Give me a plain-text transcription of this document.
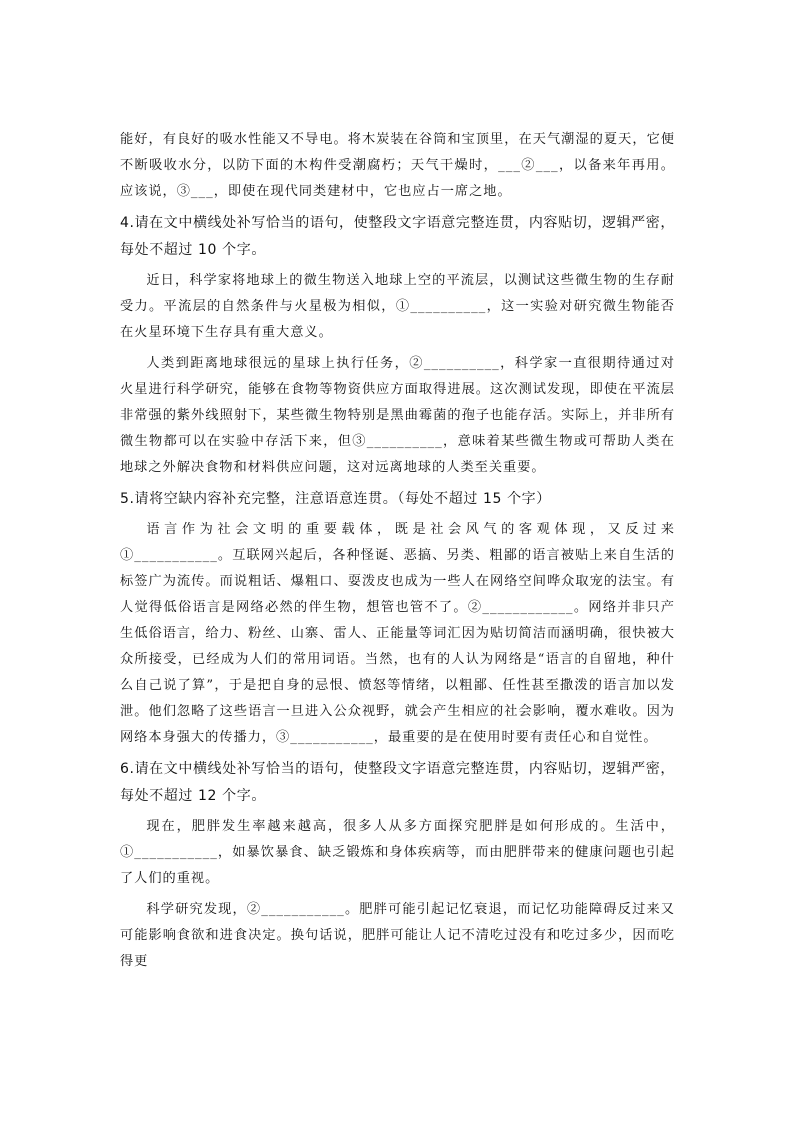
能好，有良好的吸水性能又不导电。将木炭装在谷筒和宝顶里，在天气潮湿的夏天，它便不断吸收水分，以防下面的木构件受潮腐朽；天气干燥时，___②___，以备来年再用。应该说，③___，即使在现代同类建材中，它也应占一席之地。

4.请在文中横线处补写恰当的语句，使整段文字语意完整连贯，内容贴切，逻辑严密，每处不超过 10 个字。

近日，科学家将地球上的微生物送入地球上空的平流层，以测试这些微生物的生存耐受力。平流层的自然条件与火星极为相似，①__________，这一实验对研究微生物能否在火星环境下生存具有重大意义。

人类到距离地球很远的星球上执行任务，②__________，科学家一直很期待通过对火星进行科学研究，能够在食物等物资供应方面取得进展。这次测试发现，即使在平流层非常强的紫外线照射下，某些微生物特别是黑曲霉菌的孢子也能存活。实际上，并非所有微生物都可以在实验中存活下来，但③__________，意味着某些微生物或可帮助人类在地球之外解决食物和材料供应问题，这对远离地球的人类至关重要。

5.请将空缺内容补充完整，注意语意连贯。（每处不超过 15 个字）

语言作为社会文明的重要载体，既是社会风气的客观体现，又反过来①___________。互联网兴起后，各种怪诞、恶搞、另类、粗鄙的语言被贴上来自生活的标签广为流传。而说粗话、爆粗口、耍泼皮也成为一些人在网络空间哗众取宠的法宝。有人觉得低俗语言是网络必然的伴生物，想管也管不了。②____________。网络并非只产生低俗语言，给力、粉丝、山寨、雷人、正能量等词汇因为贴切简洁而涵明确，很快被大众所接受，已经成为人们的常用词语。当然，也有的人认为网络是“语言的自留地，种什么自己说了算”，于是把自身的忌恨、愤怒等情绪，以粗鄙、任性甚至撒泼的语言加以发泄。他们忽略了这些语言一旦进入公众视野，就会产生相应的社会影响，覆水难收。因为网络本身强大的传播力，③___________，最重要的是在使用时要有责任心和自觉性。

6.请在文中横线处补写恰当的语句，使整段文字语意完整连贯，内容贴切，逻辑严密，每处不超过 12 个字。

现在，肥胖发生率越来越高，很多人从多方面探究肥胖是如何形成的。生活中，①___________，如暴饮暴食、缺乏锻炼和身体疾病等，而由肥胖带来的健康问题也引起了人们的重视。

科学研究发现，②___________。肥胖可能引起记忆衰退，而记忆功能障碍反过来又可能影响食欲和进食决定。换句话说，肥胖可能让人记不清吃过没有和吃过多少，因而吃得更
